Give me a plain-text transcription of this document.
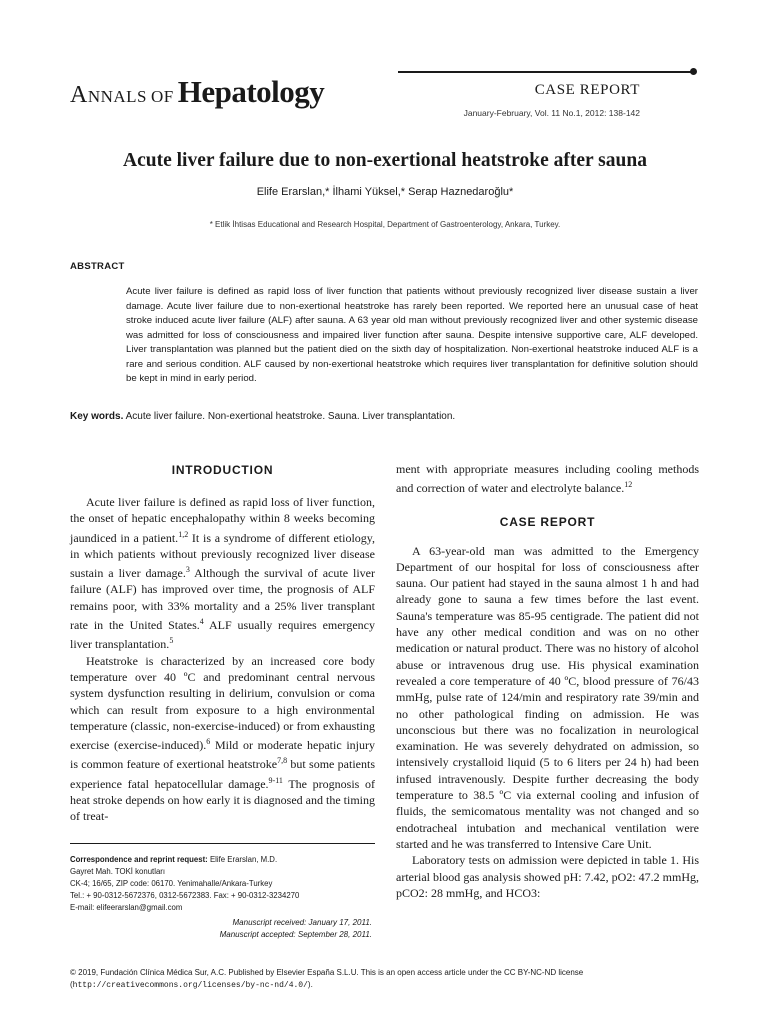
Annals of Hepatology	CASE REPORT
January-February, Vol. 11 No.1, 2012: 138-142
Acute liver failure due to non-exertional heatstroke after sauna
Elife Erarslan,* İlhami Yüksel,* Serap Haznedaroğlu*
* Etlik İhtisas Educational and Research Hospital, Department of Gastroenterology, Ankara, Turkey.
ABSTRACT
Acute liver failure is defined as rapid loss of liver function that patients without previously recognized liver disease sustain a liver damage. Acute liver failure due to non-exertional heatstroke has rarely been reported. We reported here an unusual case of heat stroke induced acute liver failure (ALF) after sauna. A 63 year old man without previously recognized liver and other systemic disease was admitted for loss of consciousness and impaired liver function after sauna. Despite intensive supportive care, ALF developed. Liver transplantation was planned but the patient died on the sixth day of hospitalization. Non-exertional heatstroke induced ALF is a rare and serious condition. ALF caused by non-exertional heatstroke which requires liver transplantation for definitive solution should be kept in mind in early period.
Key words. Acute liver failure. Non-exertional heatstroke. Sauna. Liver transplantation.
INTRODUCTION

Acute liver failure is defined as rapid loss of liver function, the onset of hepatic encephalopathy within 8 weeks becoming jaundiced in a patient.$^{1,2}$ It is a syndrome of different etiology, in which patients without previously recognized liver disease sustain a liver damage.$^3$ Although the survival of acute liver failure (ALF) has improved over time, the prognosis of ALF remains poor, with 33% mortality and a 25% liver transplant rate in the United States.$^4$ ALF usually requires emergency liver transplantation.$^5$

Heatstroke is characterized by an increased core body temperature over 40 ºC and predominant central nervous system dysfunction resulting in delirium, convulsion or coma which can result from exposure to a high environmental temperature (classic, non-exercise-induced) or from exhausting exercise (exercise-induced).$^6$ Mild or moderate hepatic injury is common feature of exertional heatstroke$^{7,8}$ but some patients experience fatal hepatocellular damage.$^{9-11}$ The prognosis of heat stroke depends on how early it is diagnosed and the timing of treat-

Correspondence and reprint request: Elife Erarslan, M.D.
Gayret Mah. TOKİ konutları
CK-4; 16/65, ZIP code: 06170. Yenimahalle/Ankara-Turkey
Tel.: + 90-0312-5672376, 0312-5672383. Fax: + 90-0312-3234270
E-mail: elifeerarslan@gmail.com
Manuscript received: January 17, 2011.
Manuscript accepted: September 28, 2011.

ment with appropriate measures including cooling methods and correction of water and electrolyte balance.$^{12}$

CASE REPORT

A 63-year-old man was admitted to the Emergency Department of our hospital for loss of consciousness after sauna. Our patient had stayed in the sauna almost 1 h and had already gone to sauna a few times before the last event. Sauna's temperature was 85-95 centigrade. The patient did not have any other medical condition and was on no other medication or natural product. There was no history of alcohol abuse or intravenous drug use. His physical examination revealed a core temperature of 40 ºC, blood pressure of 76/43 mmHg, pulse rate of 124/min and respiratory rate 39/min and no other pathological finding on admission. He was unconscious but there was no focalization in neurological examination. He was severely dehydrated on admission, so intensively crystalloid liquid (5 to 6 liters per 24 h) had been infused intravenously. Despite further decreasing the body temperature to 38.5 ºC via external cooling and infusion of fluids, the semicomatous mentality was not changed and so endotracheal intubation and mechanical ventilation were started and he was transferred to Intensive Care Unit.

Laboratory tests on admission were depicted in table 1. His arterial blood gas analysis showed pH: 7.42, pO2: 47.2 mmHg, pCO2: 28 mmHg, and HCO3:

© 2019, Fundación Clínica Médica Sur, A.C. Published by Elsevier España S.L.U. This is an open access article under the CC BY-NC-ND license (http://creativecommons.org/licenses/by-nc-nd/4.0/).
